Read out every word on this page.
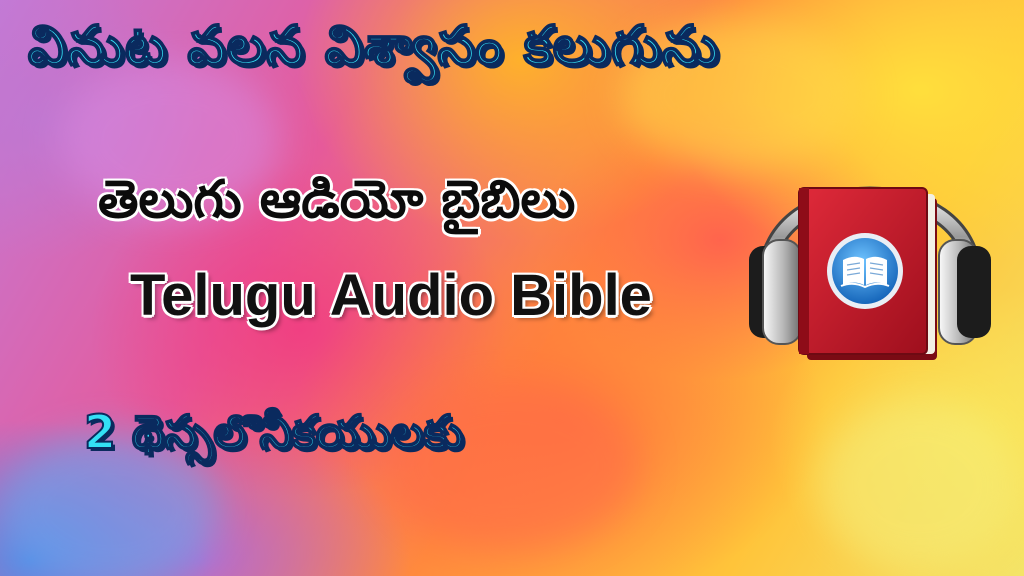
వినుట వలన విశ్వాసం కలుగును
తెలుగు ఆడియో బైబిలు
Telugu Audio Bible
2 థెస్సలొనీకయులకు
